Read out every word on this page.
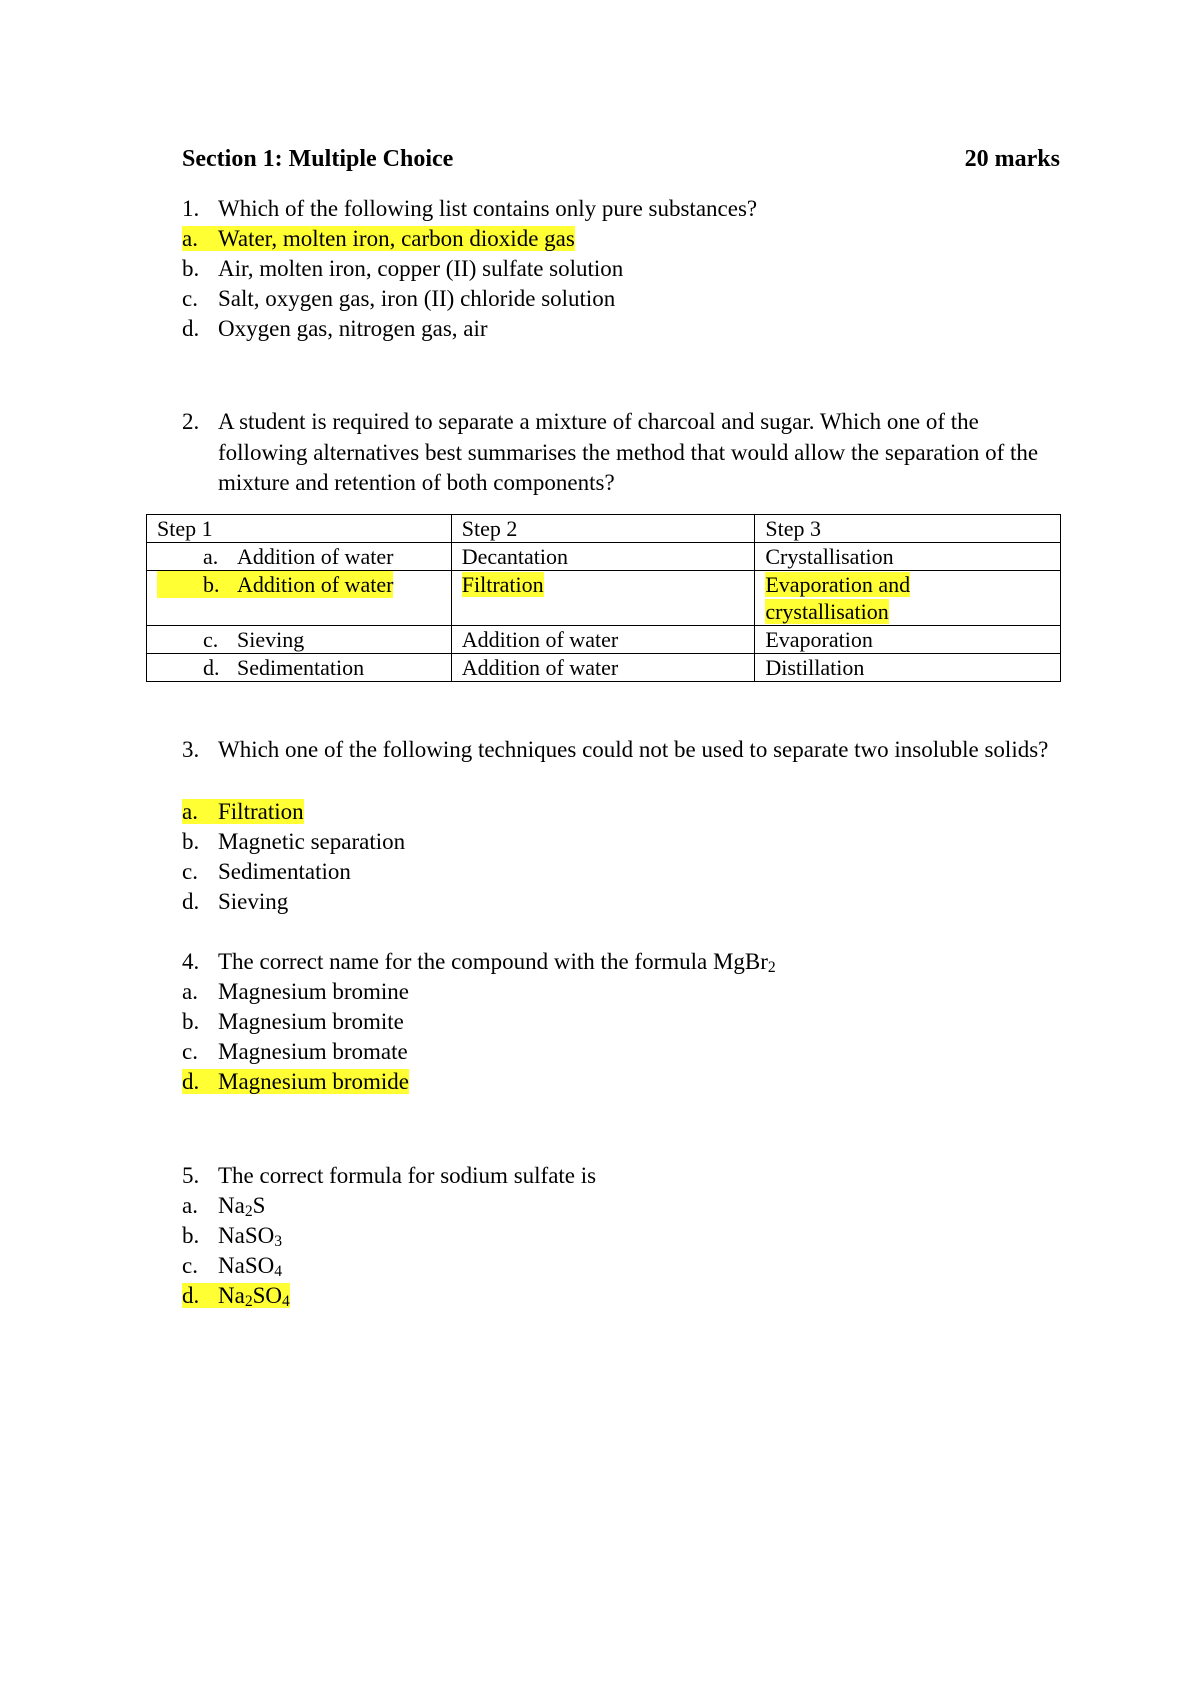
Section 1: Multiple Choice	20 marks
1. Which of the following list contains only pure substances?
a. Water, molten iron, carbon dioxide gas
b. Air, molten iron, copper (II) sulfate solution
c. Salt, oxygen gas, iron (II) chloride solution
d. Oxygen gas, nitrogen gas, air
2. A student is required to separate a mixture of charcoal and sugar. Which one of the following alternatives best summarises the method that would allow the separation of the mixture and retention of both components?
Step 1	Step 2	Step 3
a. Addition of water	Decantation	Crystallisation
b. Addition of water	Filtration	Evaporation and
crystallisation
c. Sieving	Addition of water	Evaporation
d. Sedimentation	Addition of water	Distillation
3. Which one of the following techniques could not be used to separate two insoluble solids?
a. Filtration
b. Magnetic separation
c. Sedimentation
d. Sieving
4. The correct name for the compound with the formula MgBr$_2$
a. Magnesium bromine
b. Magnesium bromite
c. Magnesium bromate
d. Magnesium bromide
5. The correct formula for sodium sulfate is
a. $Na_2S$
b. NaSO$_3$
c. NaSO$_4$
d. $Na_2SO_4$
